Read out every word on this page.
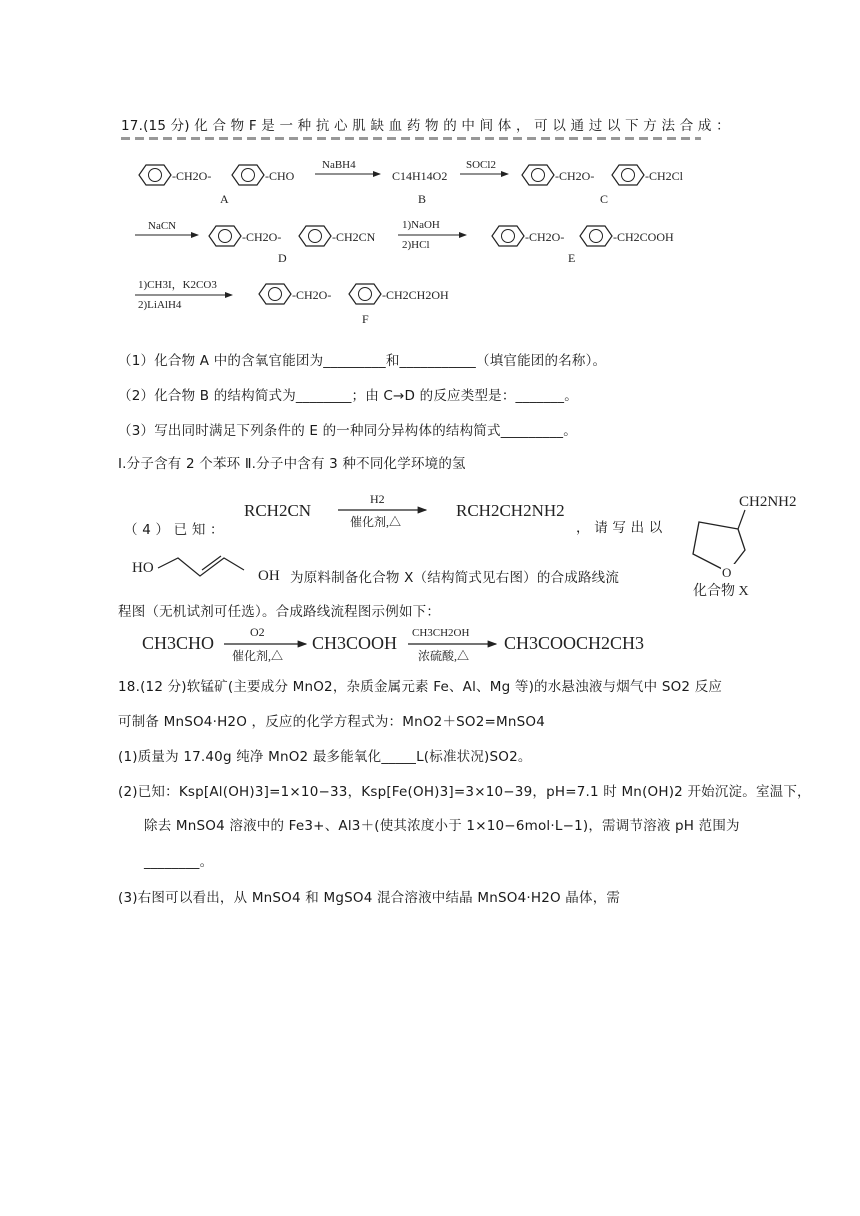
17.(15 分) 化 合 物 F 是 一 种 抗 心 肌 缺 血 药 物 的 中 间 体 ， 可 以 通 过 以 下 方 法 合 成 ：
-CH2O-	-CHO
A
NaBH4
C14H14O2
B
SOCl2
-CH2O-	-CH2Cl
C
NaCN
-CH2O-	-CH2CN
D
1)NaOH
2)HCl
-CH2O-	-CH2COOH
E
1)CH3I，K2CO3
2)LiAlH4
-CH2O-	-CH2CH2OH
F
（1）化合物 A 中的含氧官能团为_________和___________（填官能团的名称）。
（2）化合物 B 的结构简式为________；由 C→D 的反应类型是：_______。
（3）写出同时满足下列条件的 E 的一种同分异构体的结构简式_________。
Ⅰ.分子含有 2 个苯环 Ⅱ.分子中含有 3 种不同化学环境的氢
（ 4 ） 已 知 ：
RCH2CN
H2
催化剂,△
RCH2CH2NH2
， 请 写 出 以
CH2NH2
O
化合物 X
HO	OH 为原料制备化合物 X（结构简式见右图）的合成路线流
程图（无机试剂可任选）。合成路线流程图示例如下：
CH3CHO
O2
催化剂,△
CH3COOH CH3CH2OH
浓硫酸,△
CH3COOCH2CH3
18.(12 分)软锰矿(主要成分 MnO2，杂质金属元素 Fe、Al、Mg 等)的水悬浊液与烟气中 SO2 反应
可制备 MnSO4·H2O ，反应的化学方程式为：MnO2＋SO2=MnSO4
(1)质量为 17.40g 纯净 MnO2 最多能氧化_____L(标准状况)SO2。
(2)已知：Ksp[Al(OH)3]=1×10−33，Ksp[Fe(OH)3]=3×10−39，pH=7.1 时 Mn(OH)2 开始沉淀。室温下，
除去 MnSO4 溶液中的 Fe3+、Al3＋(使其浓度小于 1×10−6mol·L−1)，需调节溶液 pH 范围为
________。
(3)右图可以看出，从 MnSO4 和 MgSO4 混合溶液中结晶 MnSO4·H2O 晶体，需
